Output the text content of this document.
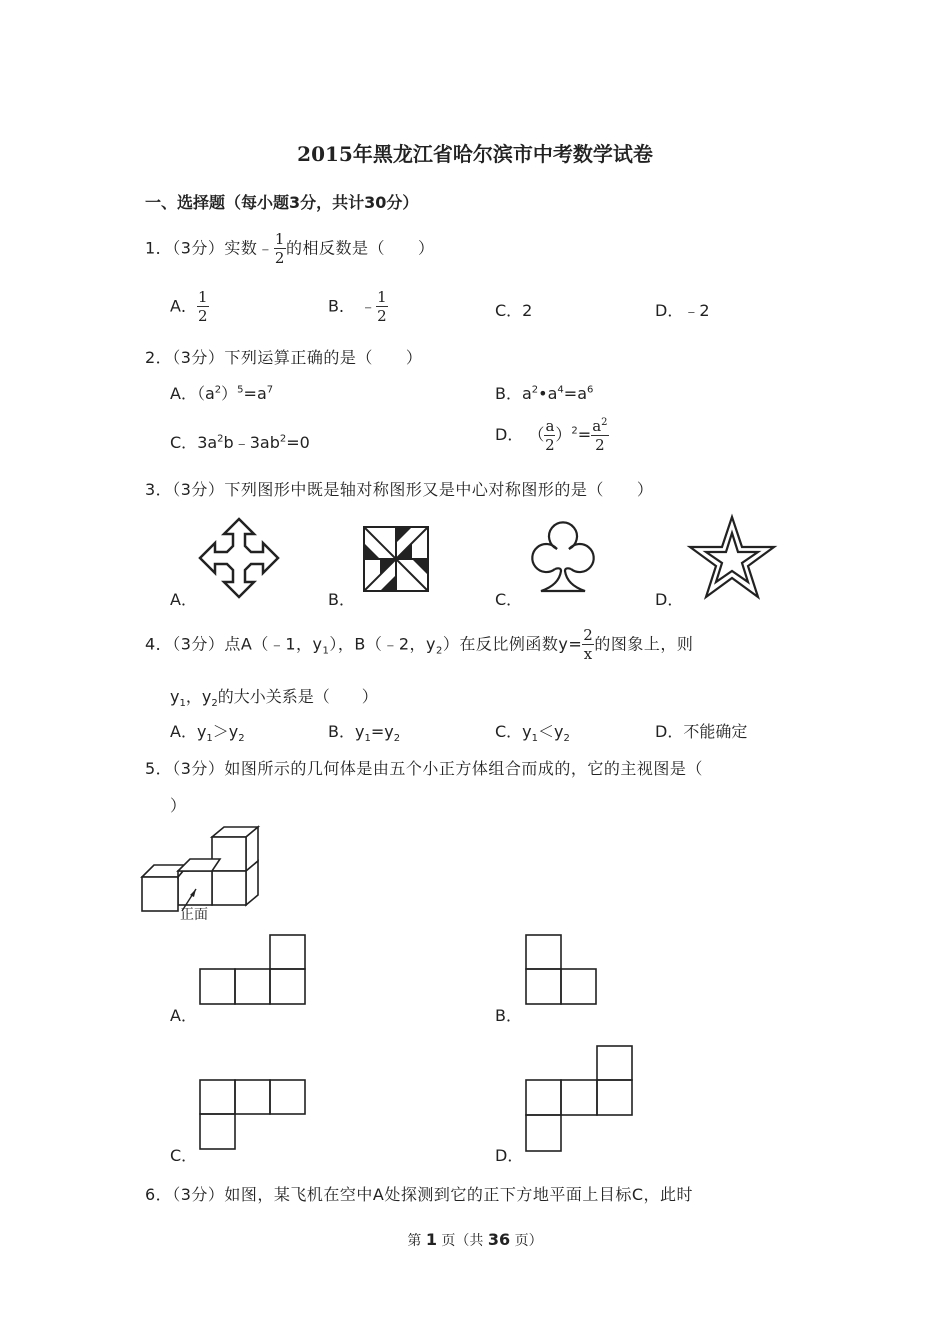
2015年黑龙江省哈尔滨市中考数学试卷
一、选择题（每小题3分，共计30分）
1．（3分）实数﹣ $\frac{1}{2}$ 的相反数是（　　）
A． $\frac{1}{2}$	B． ﹣ $\frac{1}{2}$	C．2	D．﹣2
2．（3分）下列运算正确的是（　　）
A．$(a^2)^5=a^7$	B．$a^2•a^4=a^6$
C．$3a^2b﹣3ab^2=0$	D． （ $\frac{a}{2} )^2= \frac{a^2}{2}$
3．（3分）下列图形中既是轴对称图形又是中心对称图形的是（　　）
A．	B．	C．	D．
4．（3分）点A（﹣1，$y_1$），B（﹣2，$y_2$）在反比例函数$y= \frac{2}{x}$ 的图象上，则
$y_1$，$y_2$的大小关系是（　　）
A．$y_1>y_2$	B．$y_1=y_2$	C．$y_1<y_2$	D．不能确定
5．（3分）如图所示的几何体是由五个小正方体组合而成的，它的主视图是（
）
正面
A．	B．
C．	D．
6．（3分）如图，某飞机在空中A处探测到它的正下方地平面上目标C，此时
第 1 页（共 36 页）
